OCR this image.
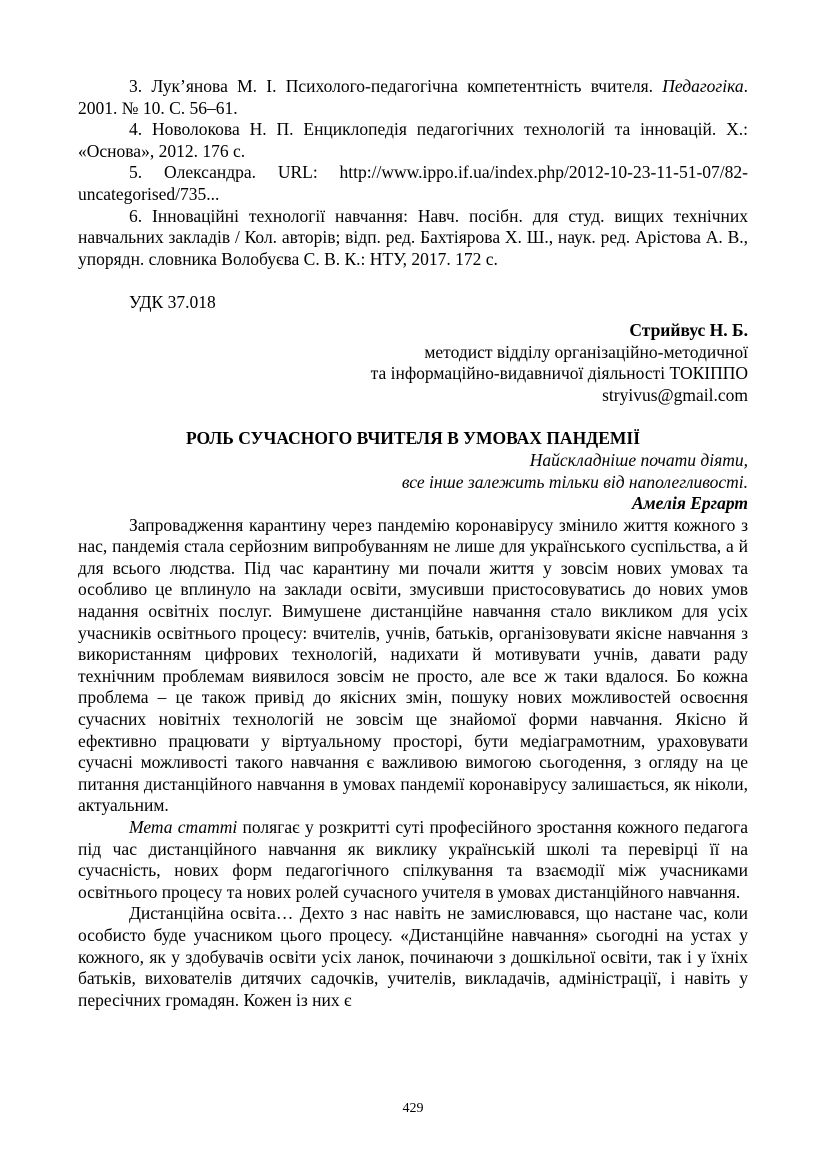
3. Лук’янова М. І. Психолого-педагогічна компетентність вчителя. Педагогіка. 2001. № 10. С. 56–61.

4. Новолокова Н. П. Енциклопедія педагогічних технологій та інновацій. Х.: «Основа», 2012. 176 с.

5. Олександра. URL: http://www.ippo.if.ua/index.php/2012-10-23-11-51-07/82-uncategorised/735...

6. Інноваційні технології навчання: Навч. посібн. для студ. вищих технічних навчальних закладів / Кол. авторів; відп. ред. Бахтіярова Х. Ш., наук. ред. Арістова А. В., упорядн. словника Волобуєва С. В. К.: НТУ, 2017. 172 с.

УДК 37.018

Стрийвус Н. Б.

методист відділу організаційно-методичної

та інформаційно-видавничої діяльності ТОКІППО

stryivus@gmail.com

РОЛЬ СУЧАСНОГО ВЧИТЕЛЯ В УМОВАХ ПАНДЕМІЇ

Найскладніше почати діяти,

все інше залежить тільки від наполегливості.

Амелія Ергарт

Запровадження карантину через пандемію коронавірусу змінило життя кожного з нас, пандемія стала серйозним випробуванням не лише для українського суспільства, а й для всього людства. Під час карантину ми почали життя у зовсім нових умовах та особливо це вплинуло на заклади освіти, змусивши пристосовуватись до нових умов надання освітніх послуг. Вимушене дистанційне навчання стало викликом для усіх учасників освітнього процесу: вчителів, учнів, батьків, організовувати якісне навчання з використанням цифрових технологій, надихати й мотивувати учнів, давати раду технічним проблемам виявилося зовсім не просто, але все ж таки вдалося. Бо кожна проблема – це також привід до якісних змін, пошуку нових можливостей освоєння сучасних новітніх технологій не зовсім ще знайомої форми навчання. Якісно й ефективно працювати у віртуальному просторі, бути медіаграмотним, ураховувати сучасні можливості такого навчання є важливою вимогою сьогодення, з огляду на це питання дистанційного навчання в умовах пандемії коронавірусу залишається, як ніколи, актуальним.

Мета статті полягає у розкритті суті професійного зростання кожного педагога під час дистанційного навчання як виклику українській школі та перевірці її на сучасність, нових форм педагогічного спілкування та взаємодії між учасниками освітнього процесу та нових ролей сучасного учителя в умовах дистанційного навчання.

Дистанційна освіта… Дехто з нас навіть не замислювався, що настане час, коли особисто буде учасником цього процесу. «Дистанційне навчання» сьогодні на устах у кожного, як у здобувачів освіти усіх ланок, починаючи з дошкільної освіти, так і у їхніх батьків, вихователів дитячих садочків, учителів, викладачів, адміністрації, і навіть у пересічних громадян. Кожен із них є

429
